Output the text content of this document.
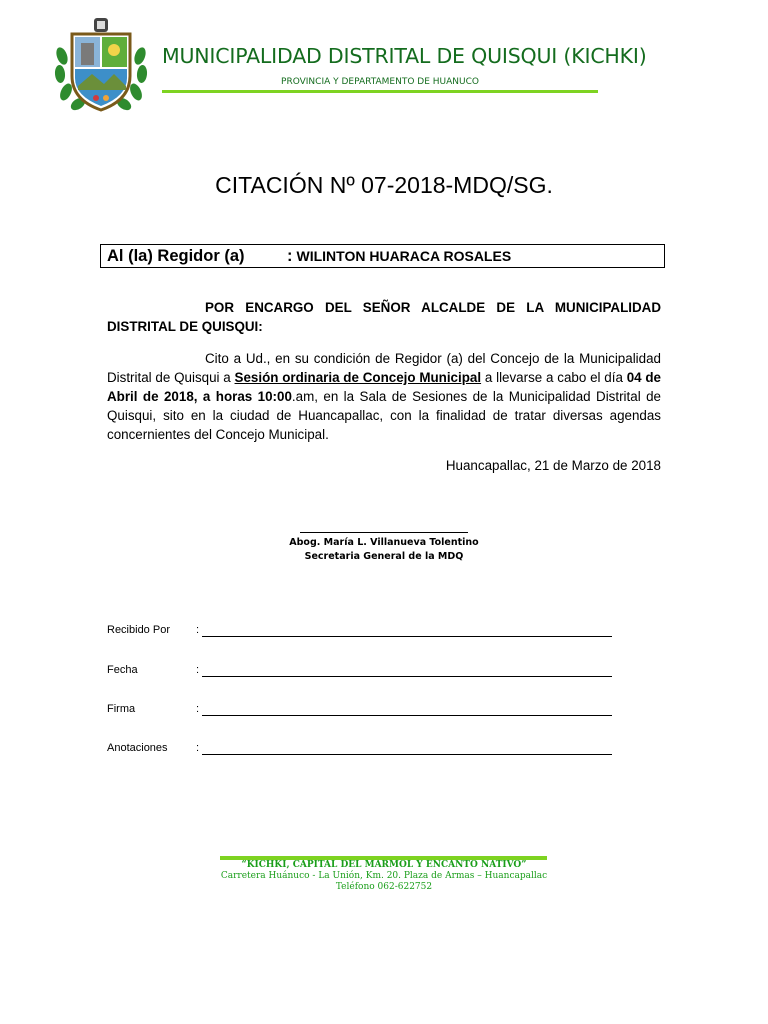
MUNICIPALIDAD DISTRITAL DE QUISQUI (KICHKI)
PROVINCIA Y DEPARTAMENTO DE HUANUCO
CITACIÓN Nº 07-2018-MDQ/SG.
Al (la) Regidor (a)	: WILINTON HUARACA ROSALES
POR ENCARGO DEL SEÑOR ALCALDE DE LA MUNICIPALIDAD DISTRITAL DE QUISQUI:
Cito a Ud., en su condición de Regidor (a) del Concejo de la Municipalidad Distrital de Quisqui a Sesión ordinaria de Concejo Municipal a llevarse a cabo el día 04 de Abril de 2018, a horas 10:00.am, en la Sala de Sesiones de la Municipalidad Distrital de Quisqui, sito en la ciudad de Huancapallac, con la finalidad de tratar diversas agendas concernientes del Concejo Municipal.
Huancapallac, 21 de Marzo de 2018
Abog. María L. Villanueva Tolentino
Secretaria General de la MDQ
Recibido Por :
Fecha	:
Firma	:
Anotaciones	:
“KICHKI, CAPITAL DEL MARMOL Y ENCANTO NATIVO”
Carretera Huánuco - La Unión, Km. 20. Plaza de Armas – Huancapallac
Teléfono 062-622752
